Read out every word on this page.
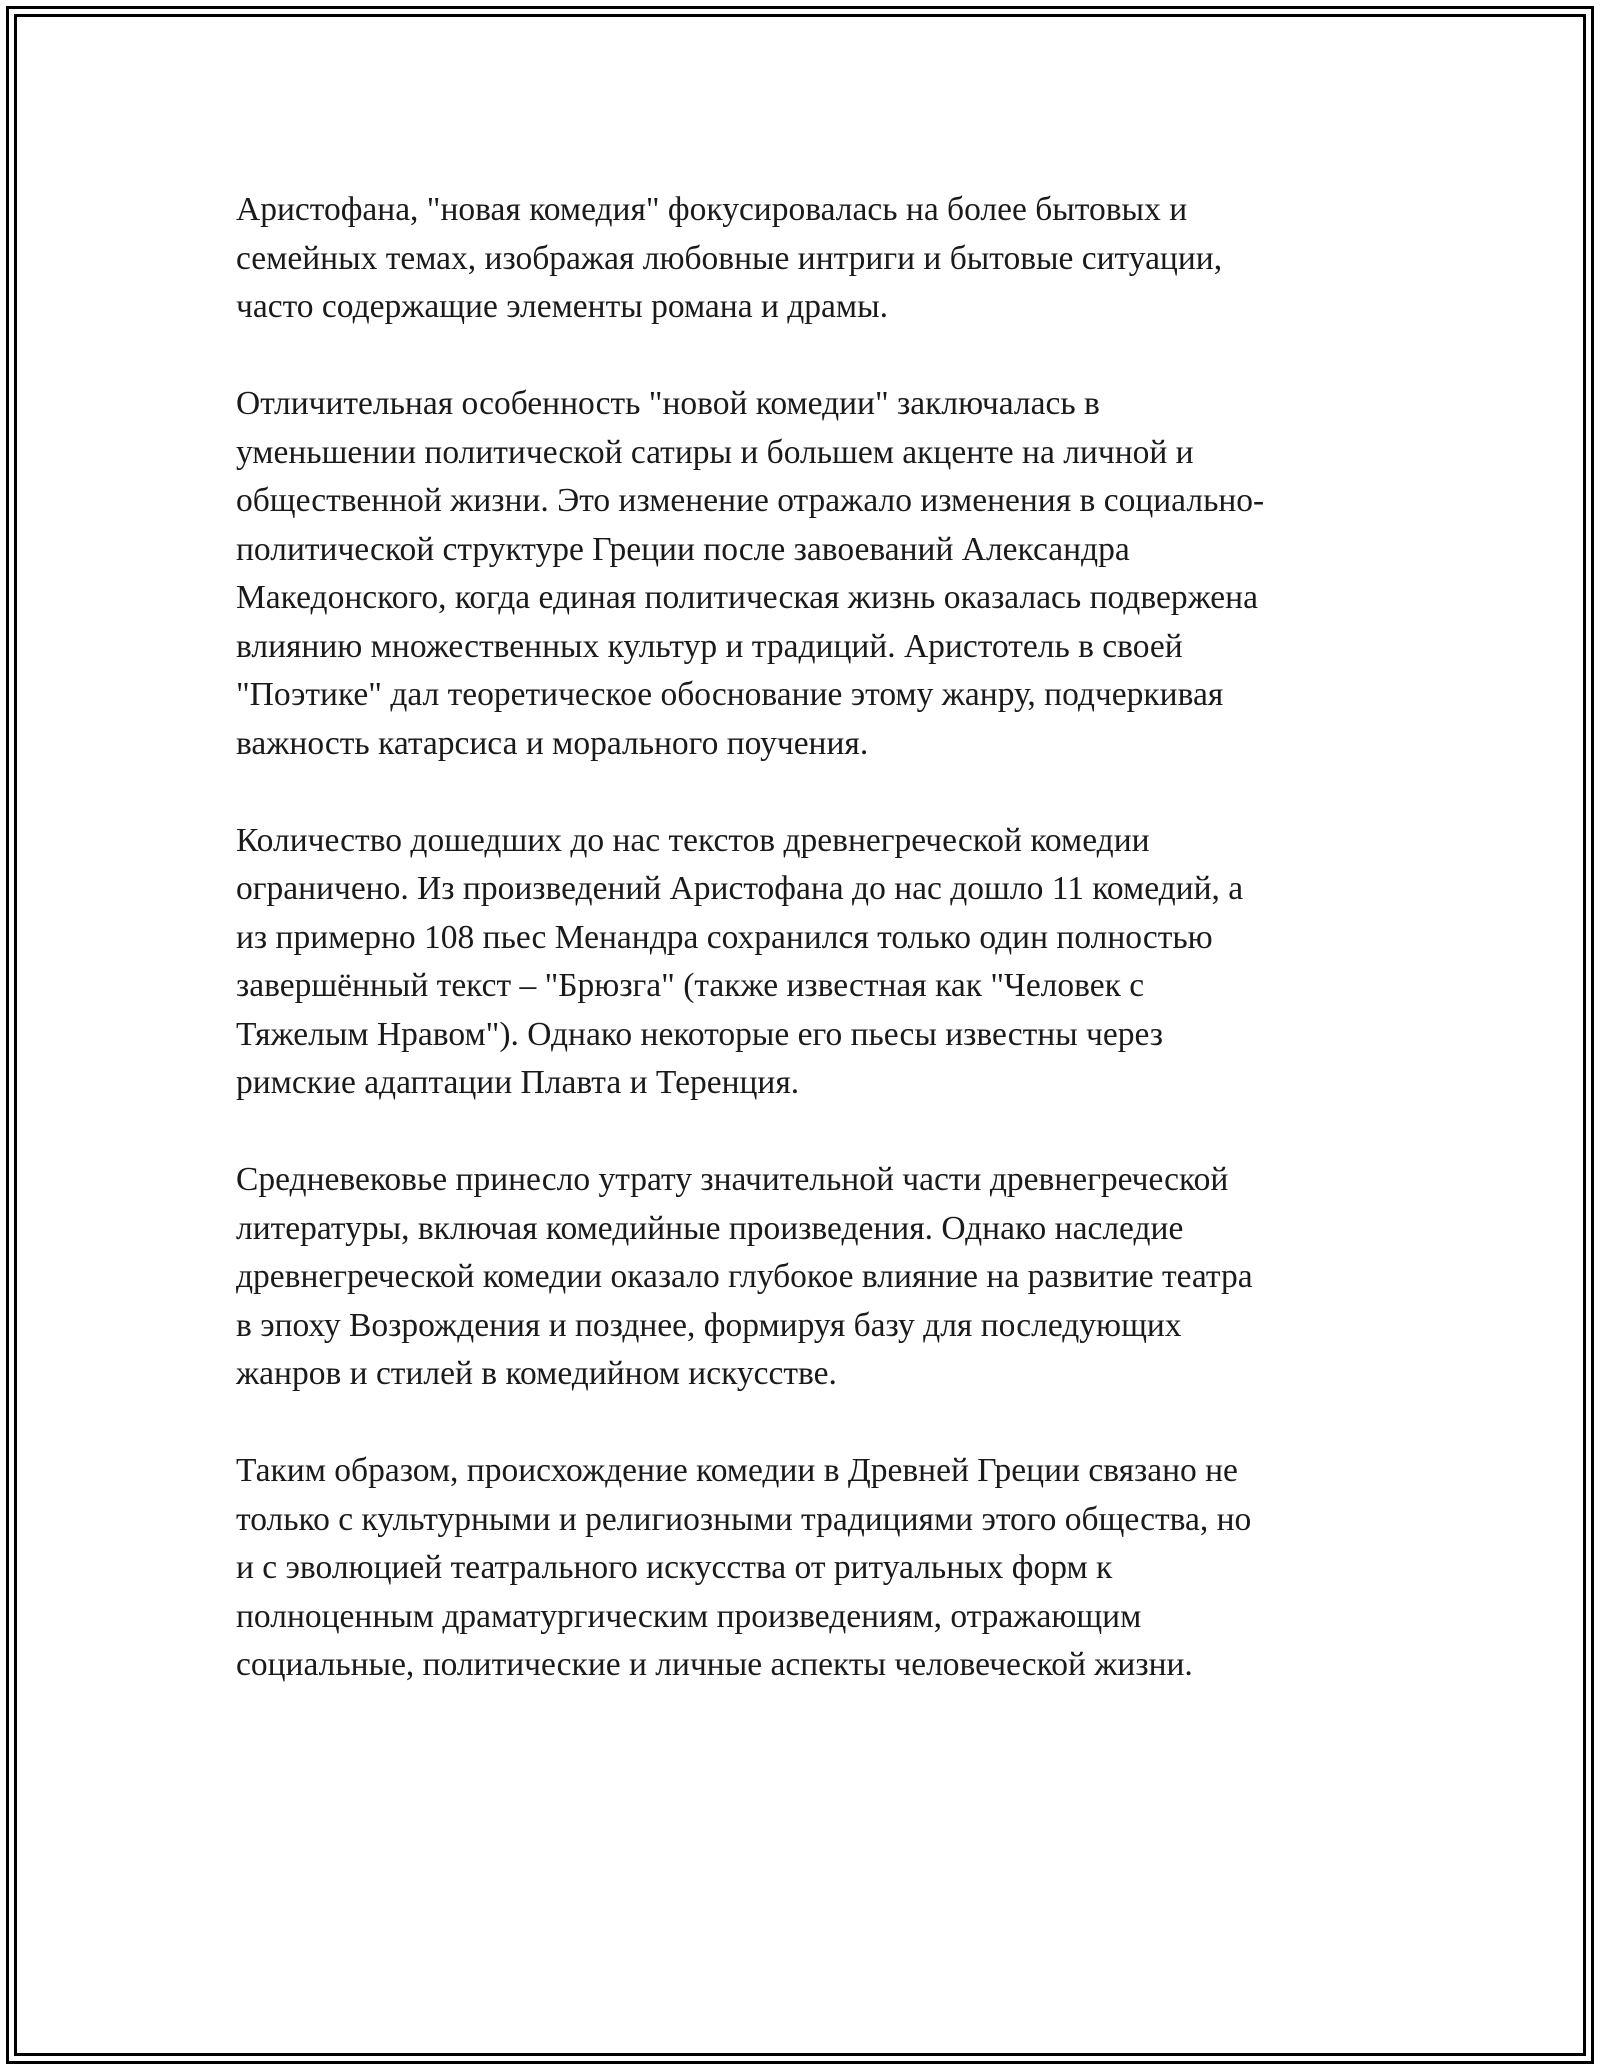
Аристофана, "новая комедия" фокусировалась на более бытовых и
семейных темах, изображая любовные интриги и бытовые ситуации,
часто содержащие элементы романа и драмы.

Отличительная особенность "новой комедии" заключалась в
уменьшении политической сатиры и большем акценте на личной и
общественной жизни. Это изменение отражало изменения в социально-
политической структуре Греции после завоеваний Александра
Македонского, когда единая политическая жизнь оказалась подвержена
влиянию множественных культур и традиций. Аристотель в своей
"Поэтике" дал теоретическое обоснование этому жанру, подчеркивая
важность катарсиса и морального поучения.

Количество дошедших до нас текстов древнегреческой комедии
ограничено. Из произведений Аристофана до нас дошло 11 комедий, а
из примерно 108 пьес Менандра сохранился только один полностью
завершённый текст – "Брюзга" (также известная как "Человек с
Тяжелым Нравом"). Однако некоторые его пьесы известны через
римские адаптации Плавта и Теренция.

Средневековье принесло утрату значительной части древнегреческой
литературы, включая комедийные произведения. Однако наследие
древнегреческой комедии оказало глубокое влияние на развитие театра
в эпоху Возрождения и позднее, формируя базу для последующих
жанров и стилей в комедийном искусстве.

Таким образом, происхождение комедии в Древней Греции связано не
только с культурными и религиозными традициями этого общества, но
и с эволюцией театрального искусства от ритуальных форм к
полноценным драматургическим произведениям, отражающим
социальные, политические и личные аспекты человеческой жизни.
